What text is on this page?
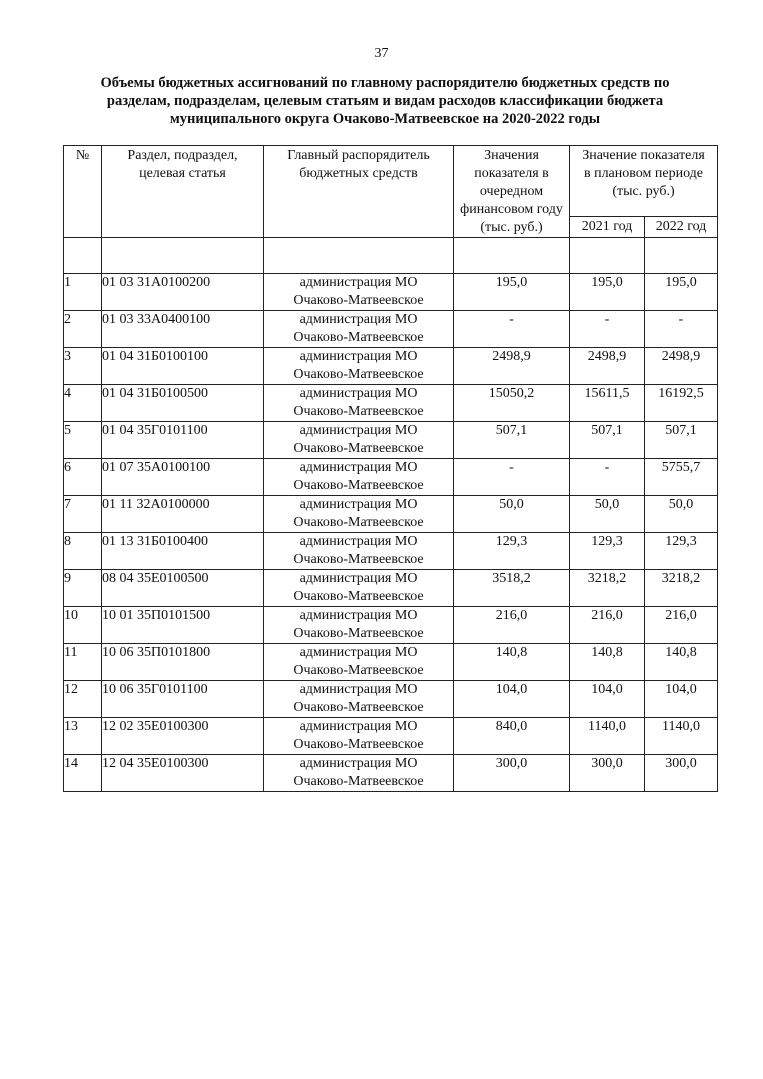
37
Объемы бюджетных ассигнований по главному распорядителю бюджетных средств по
разделам, подразделам, целевым статьям и видам расходов классификации бюджета
муниципального округа Очаково-Матвеевское на 2020-2022 годы
№	Раздел, подраздел, целевая статья	Главный распорядитель бюджетных средств	Значения показателя в очередном финансовом году (тыс. руб.)	Значение показателя в плановом периоде (тыс. руб.)	
				2021 год	2022 год

1	01 03 31А0100200	администрация МО
Очаково-Матвеевское	195,0	195,0	195,0
2	01 03 33А0400100	администрация МО
Очаково-Матвеевское	-	-	-
3	01 04 31Б0100100	администрация МО
Очаково-Матвеевское	2498,9	2498,9	2498,9
4	01 04 31Б0100500	администрация МО
Очаково-Матвеевское	15050,2	15611,5	16192,5
5	01 04 35Г0101100	администрация МО
Очаково-Матвеевское	507,1	507,1	507,1
6	01 07 35А0100100	администрация МО
Очаково-Матвеевское	-	-	5755,7
7	01 11 32А0100000	администрация МО
Очаково-Матвеевское	50,0	50,0	50,0
8	01 13 31Б0100400	администрация МО
Очаково-Матвеевское	129,3	129,3	129,3
9	08 04 35Е0100500	администрация МО
Очаково-Матвеевское	3518,2	3218,2	3218,2
10	10 01 35П0101500	администрация МО
Очаково-Матвеевское	216,0	216,0	216,0
11	10 06 35П0101800	администрация МО
Очаково-Матвеевское	140,8	140,8	140,8
12	10 06 35Г0101100	администрация МО
Очаково-Матвеевское	104,0	104,0	104,0
13	12 02 35Е0100300	администрация МО
Очаково-Матвеевское	840,0	1140,0	1140,0
14	12 04 35Е0100300	администрация МО
Очаково-Матвеевское	300,0	300,0	300,0
